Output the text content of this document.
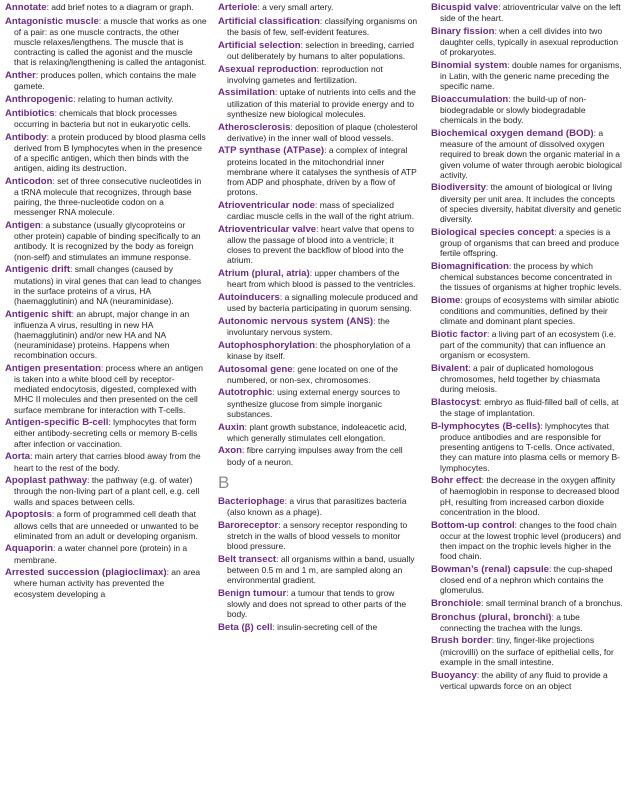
Annotate: add brief notes to a diagram or graph.

Antagonistic muscle: a muscle that works as one of a pair: as one muscle contracts, the other muscle relaxes/lengthens. The muscle that is contracting is called the agonist and the muscle that is relaxing/lengthening is called the antagonist.

Anther: produces pollen, which contains the male gamete.

Anthropogenic: relating to human activity.

Antibiotics: chemicals that block processes occurring in bacteria but not in eukaryotic cells.

Antibody: a protein produced by blood plasma cells derived from B lymphocytes when in the presence of a specific antigen, which then binds with the antigen, aiding its destruction.

Anticodon: set of three consecutive nucleotides in a tRNA molecule that recognizes, through base pairing, the three-nucleotide codon on a messenger RNA molecule.

Antigen: a substance (usually glycoproteins or other protein) capable of binding specifically to an antibody. It is recognized by the body as foreign (non-self) and stimulates an immune response.

Antigenic drift: small changes (caused by mutations) in viral genes that can lead to changes in the surface proteins of a virus, HA (haemagglutinin) and NA (neuraminidase).

Antigenic shift: an abrupt, major change in an influenza A virus, resulting in new HA (haemagglutinin) and/or new HA and NA (neuraminidase) proteins. Happens when recombination occurs.

Antigen presentation: process where an antigen is taken into a white blood cell by receptor-mediated endocytosis, digested, complexed with MHC II molecules and then presented on the cell surface membrane for interaction with T-cells.

Antigen-specific B-cell: lymphocytes that form either antibody-secreting cells or memory B-cells after infection or vaccination.

Aorta: main artery that carries blood away from the heart to the rest of the body.

Apoplast pathway: the pathway (e.g. of water) through the non-living part of a plant cell, e.g. cell walls and spaces between cells.

Apoptosis: a form of programmed cell death that allows cells that are unneeded or unwanted to be eliminated from an adult or developing organism.

Aquaporin: a water channel pore (protein) in a membrane.

Arrested succession (plagioclimax): an area where human activity has prevented the ecosystem developing a

Arteriole: a very small artery.

Artificial classification: classifying organisms on the basis of few, self-evident features.

Artificial selection: selection in breeding, carried out deliberately by humans to alter populations.

Asexual reproduction: reproduction not involving gametes and fertilization.

Assimilation: uptake of nutrients into cells and the utilization of this material to provide energy and to synthesize new biological molecules.

Atherosclerosis: deposition of plaque (cholesterol derivative) in the inner wall of blood vessels.

ATP synthase (ATPase): a complex of integral proteins located in the mitochondrial inner membrane where it catalyses the synthesis of ATP from ADP and phosphate, driven by a flow of protons.

Atrioventricular node: mass of specialized cardiac muscle cells in the wall of the right atrium.

Atrioventricular valve: heart valve that opens to allow the passage of blood into a ventricle; it closes to prevent the backflow of blood into the atrium.

Atrium (plural, atria): upper chambers of the heart from which blood is passed to the ventricles.

Autoinducers: a signalling molecule produced and used by bacteria participating in quorum sensing.

Autonomic nervous system (ANS): the involuntary nervous system.

Autophosphorylation: the phosphorylation of a kinase by itself.

Autosomal gene: gene located on one of the numbered, or non-sex, chromosomes.

Autotrophic: using external energy sources to synthesize glucose from simple inorganic substances.

Auxin: plant growth substance, indoleacetic acid, which generally stimulates cell elongation.

Axon: fibre carrying impulses away from the cell body of a neuron.

B

Bacteriophage: a virus that parasitizes bacteria (also known as a phage).

Baroreceptor: a sensory receptor responding to stretch in the walls of blood vessels to monitor blood pressure.

Belt transect: all organisms within a band, usually between 0.5 m and 1 m, are sampled along an environmental gradient.

Benign tumour: a tumour that tends to grow slowly and does not spread to other parts of the body.

Beta (β) cell: insulin-secreting cell of the

Bicuspid valve: atrioventricular valve on the left side of the heart.

Binary fission: when a cell divides into two daughter cells, typically in asexual reproduction of prokaryotes.

Binomial system: double names for organisms, in Latin, with the generic name preceding the specific name.

Bioaccumulation: the build-up of non-biodegradable or slowly biodegradable chemicals in the body.

Biochemical oxygen demand (BOD): a measure of the amount of dissolved oxygen required to break down the organic material in a given volume of water through aerobic biological activity.

Biodiversity: the amount of biological or living diversity per unit area. It includes the concepts of species diversity, habitat diversity and genetic diversity.

Biological species concept: a species is a group of organisms that can breed and produce fertile offspring.

Biomagnification: the process by which chemical substances become concentrated in the tissues of organisms at higher trophic levels.

Biome: groups of ecosystems with similar abiotic conditions and communities, defined by their climate and dominant plant species.

Biotic factor: a living part of an ecosystem (i.e. part of the community) that can influence an organism or ecosystem.

Bivalent: a pair of duplicated homologous chromosomes, held together by chiasmata during meiosis.

Blastocyst: embryo as fluid-filled ball of cells, at the stage of implantation.

B-lymphocytes (B-cells): lymphocytes that produce antibodies and are responsible for presenting antigens to T-cells. Once activated, they can mature into plasma cells or memory B-lymphocytes.

Bohr effect: the decrease in the oxygen affinity of haemoglobin in response to decreased blood pH, resulting from increased carbon dioxide concentration in the blood.

Bottom-up control: changes to the food chain occur at the lowest trophic level (producers) and then impact on the trophic levels higher in the food chain.

Bowman’s (renal) capsule: the cup-shaped closed end of a nephron which contains the glomerulus.

Bronchiole: small terminal branch of a bronchus.

Bronchus (plural, bronchi): a tube connecting the trachea with the lungs.

Brush border: tiny, finger-like projections (microvilli) on the surface of epithelial cells, for example in the small intestine.

Buoyancy: the ability of any fluid to provide a vertical upwards force on an object
